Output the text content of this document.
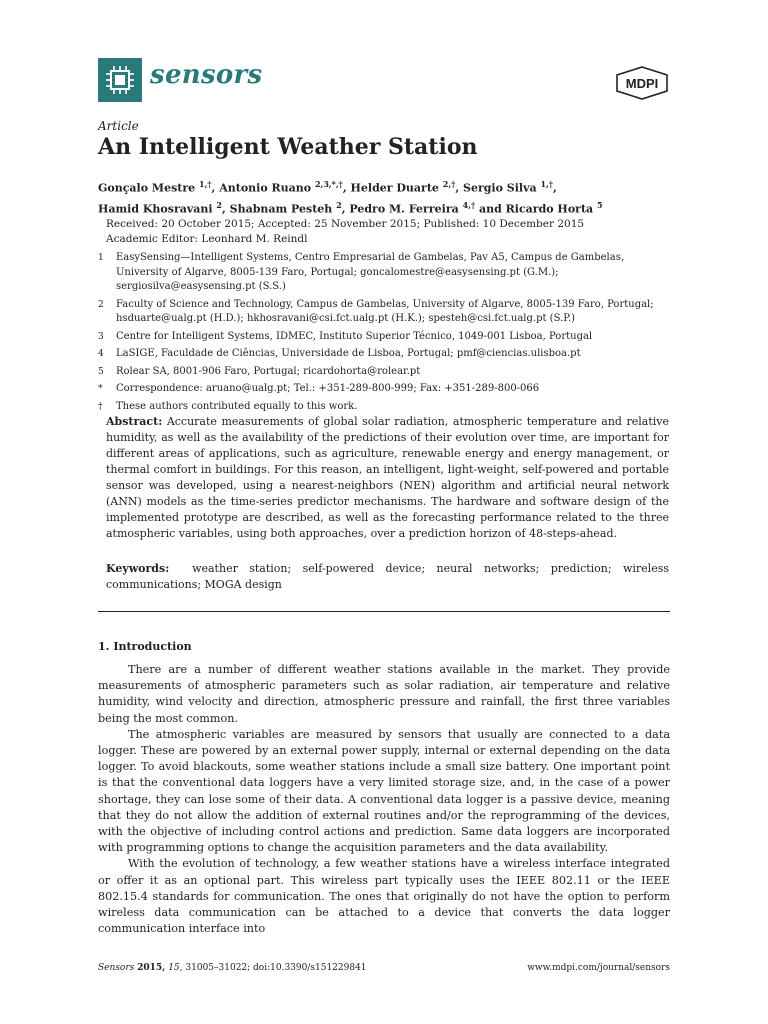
sensors	MDPI
Article
An Intelligent Weather Station
Gonçalo Mestre $^{1,\dagger}$, Antonio Ruano $^{2,3,*,\dagger}$, Helder Duarte $^{2,\dagger}$, Sergio Silva $^{1,\dagger}$,
Hamid Khosravani $^2$, Shabnam Pesteh $^2$, Pedro M. Ferreira $^{4,\dagger}$ and Ricardo Horta $^5$
Received: 20 October 2015; Accepted: 25 November 2015; Published: 10 December 2015
Academic Editor: Leonhard M. Reindl
1	EasySensing—Intelligent Systems, Centro Empresarial de Gambelas, Pav A5, Campus de Gambelas, University of Algarve, 8005-139 Faro, Portugal; goncalomestre@easysensing.pt (G.M.); sergiosilva@easysensing.pt (S.S.)
2	Faculty of Science and Technology, Campus de Gambelas, University of Algarve, 8005-139 Faro, Portugal; hsduarte@ualg.pt (H.D.); hkhosravani@csi.fct.ualg.pt (H.K.); spesteh@csi.fct.ualg.pt (S.P.)
3	Centre for Intelligent Systems, IDMEC, Instituto Superior Técnico, 1049-001 Lisboa, Portugal
4	LaSIGE, Faculdade de Ciências, Universidade de Lisboa, Portugal; pmf@ciencias.ulisboa.pt
5	Rolear SA, 8001-906 Faro, Portugal; ricardohorta@rolear.pt
*	Correspondence: aruano@ualg.pt; Tel.: +351-289-800-999; Fax: +351-289-800-066
†	These authors contributed equally to this work.
Abstract: Accurate measurements of global solar radiation, atmospheric temperature and relative humidity, as well as the availability of the predictions of their evolution over time, are important for different areas of applications, such as agriculture, renewable energy and energy management, or thermal comfort in buildings. For this reason, an intelligent, light-weight, self-powered and portable sensor was developed, using a nearest-neighbors (NEN) algorithm and artificial neural network (ANN) models as the time-series predictor mechanisms. The hardware and software design of the implemented prototype are described, as well as the forecasting performance related to the three atmospheric variables, using both approaches, over a prediction horizon of 48-steps-ahead.
Keywords: weather station; self-powered device; neural networks; prediction; wireless communications; MOGA design
1. Introduction

There are a number of different weather stations available in the market. They provide measurements of atmospheric parameters such as solar radiation, air temperature and relative humidity, wind velocity and direction, atmospheric pressure and rainfall, the first three variables being the most common.

The atmospheric variables are measured by sensors that usually are connected to a data logger. These are powered by an external power supply, internal or external depending on the data logger. To avoid blackouts, some weather stations include a small size battery. One important point is that the conventional data loggers have a very limited storage size, and, in the case of a power shortage, they can lose some of their data. A conventional data logger is a passive device, meaning that they do not allow the addition of external routines and/or the reprogramming of the devices, with the objective of including control actions and prediction. Same data loggers are incorporated with programming options to change the acquisition parameters and the data availability.

With the evolution of technology, a few weather stations have a wireless interface integrated or offer it as an optional part. This wireless part typically uses the IEEE 802.11 or the IEEE 802.15.4 standards for communication. The ones that originally do not have the option to perform wireless data communication can be attached to a device that converts the data logger communication interface into

Sensors 2015, 15, 31005–31022; doi:10.3390/s151229841	www.mdpi.com/journal/sensors
